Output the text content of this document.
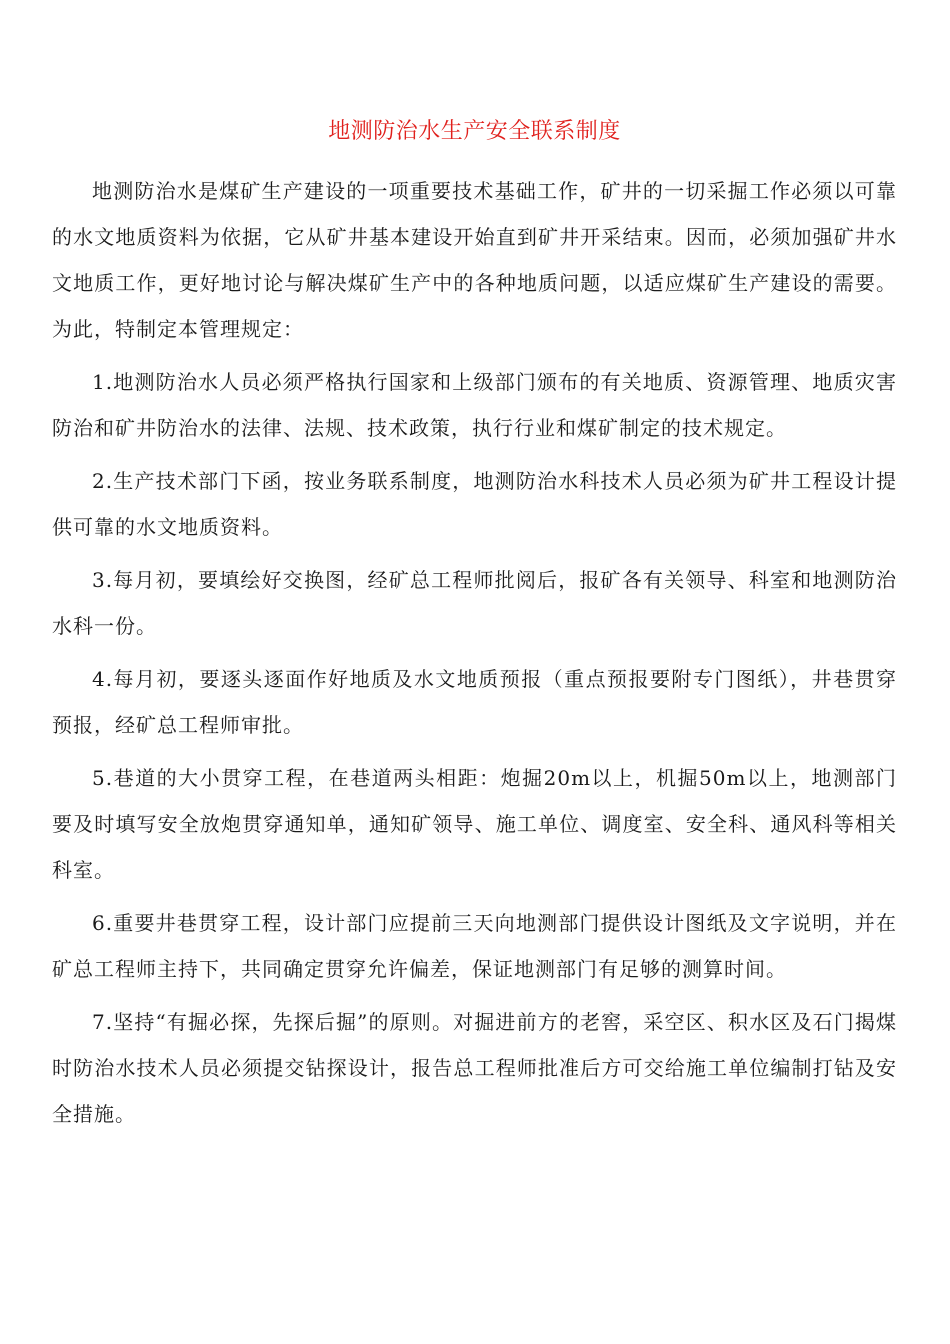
地测防治水生产安全联系制度

地测防治水是煤矿生产建设的一项重要技术基础工作，矿井的一切采掘工作必须以可靠的水文地质资料为依据，它从矿井基本建设开始直到矿井开采结束。因而，必须加强矿井水文地质工作，更好地讨论与解决煤矿生产中的各种地质问题，以适应煤矿生产建设的需要。为此，特制定本管理规定：

1.地测防治水人员必须严格执行国家和上级部门颁布的有关地质、资源管理、地质灾害防治和矿井防治水的法律、法规、技术政策，执行行业和煤矿制定的技术规定。

2.生产技术部门下函，按业务联系制度，地测防治水科技术人员必须为矿井工程设计提供可靠的水文地质资料。

3.每月初，要填绘好交换图，经矿总工程师批阅后，报矿各有关领导、科室和地测防治水科一份。

4.每月初，要逐头逐面作好地质及水文地质预报（重点预报要附专门图纸），井巷贯穿预报，经矿总工程师审批。

5.巷道的大小贯穿工程，在巷道两头相距：炮掘20m以上，机掘50m以上，地测部门要及时填写安全放炮贯穿通知单，通知矿领导、施工单位、调度室、安全科、通风科等相关科室。

6.重要井巷贯穿工程，设计部门应提前三天向地测部门提供设计图纸及文字说明，并在矿总工程师主持下，共同确定贯穿允许偏差，保证地测部门有足够的测算时间。

7.坚持“有掘必探，先探后掘”的原则。对掘进前方的老窖，采空区、积水区及石门揭煤时防治水技术人员必须提交钻探设计，报告总工程师批准后方可交给施工单位编制打钻及安全措施。
